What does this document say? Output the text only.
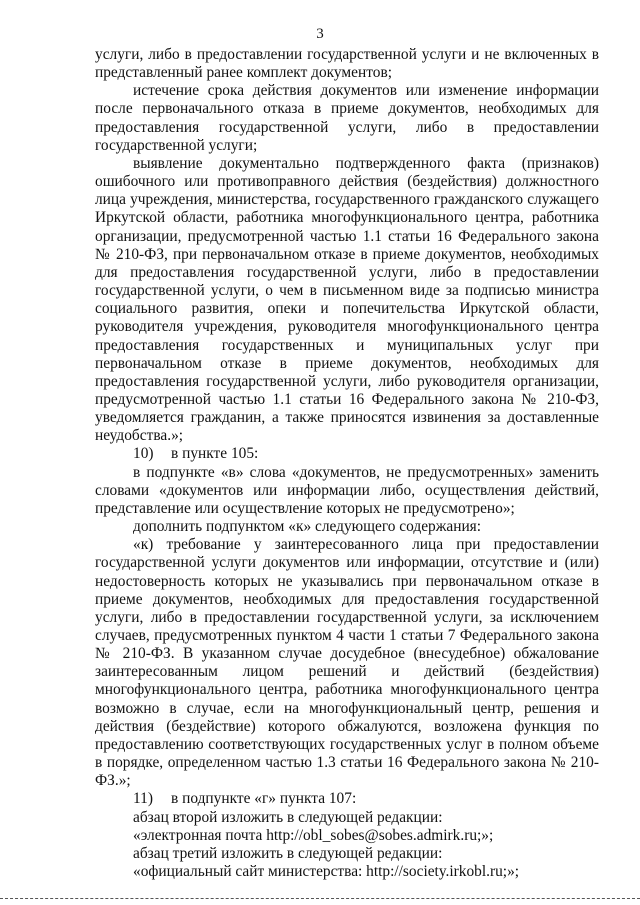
3

услуги, либо в предоставлении государственной услуги и не включенных в представленный ранее комплект документов;

истечение срока действия документов или изменение информации после первоначального отказа в приеме документов, необходимых для предоставления государственной услуги, либо в предоставлении государственной услуги;

выявление документально подтвержденного факта (признаков) ошибочного или противоправного действия (бездействия) должностного лица учреждения, министерства, государственного гражданского служащего Иркутской области, работника многофункционального центра, работника организации, предусмотренной частью 1.1 статьи 16 Федерального закона № 210-ФЗ, при первоначальном отказе в приеме документов, необходимых для предоставления государственной услуги, либо в предоставлении государственной услуги, о чем в письменном виде за подписью министра социального развития, опеки и попечительства Иркутской области, руководителя учреждения, руководителя многофункционального центра предоставления государственных и муниципальных услуг при первоначальном отказе в приеме документов, необходимых для предоставления государственной услуги, либо руководителя организации, предусмотренной частью 1.1 статьи 16 Федерального закона № 210-ФЗ, уведомляется гражданин, а также приносятся извинения за доставленные неудобства.»;

10) в пункте 105:

в подпункте «в» слова «документов, не предусмотренных» заменить словами «документов или информации либо, осуществления действий, представление или осуществление которых не предусмотрено»;

дополнить подпунктом «к» следующего содержания:

«к) требование у заинтересованного лица при предоставлении государственной услуги документов или информации, отсутствие и (или) недостоверность которых не указывались при первоначальном отказе в приеме документов, необходимых для предоставления государственной услуги, либо в предоставлении государственной услуги, за исключением случаев, предусмотренных пунктом 4 части 1 статьи 7 Федерального закона № 210-ФЗ. В указанном случае досудебное (внесудебное) обжалование заинтересованным лицом решений и действий (бездействия) многофункционального центра, работника многофункционального центра возможно в случае, если на многофункциональный центр, решения и действия (бездействие) которого обжалуются, возложена функция по предоставлению соответствующих государственных услуг в полном объеме в порядке, определенном частью 1.3 статьи 16 Федерального закона № 210-ФЗ.»;

11) в подпункте «г» пункта 107:

абзац второй изложить в следующей редакции:

«электронная почта http://obl_sobes@sobes.admirk.ru;»;

абзац третий изложить в следующей редакции:

«официальный сайт министерства: http://society.irkobl.ru;»;
